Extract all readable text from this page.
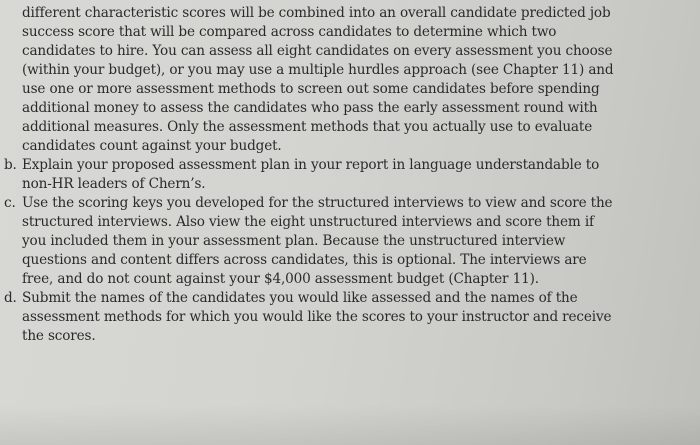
different characteristic scores will be combined into an overall candidate predicted job
success score that will be compared across candidates to determine which two
candidates to hire. You can assess all eight candidates on every assessment you choose
(within your budget), or you may use a multiple hurdles approach (see Chapter 11) and
use one or more assessment methods to screen out some candidates before spending
additional money to assess the candidates who pass the early assessment round with
additional measures. Only the assessment methods that you actually use to evaluate
candidates count against your budget.
b. Explain your proposed assessment plan in your report in language understandable to
non-HR leaders of Chern’s.
c. Use the scoring keys you developed for the structured interviews to view and score the
structured interviews. Also view the eight unstructured interviews and score them if
you included them in your assessment plan. Because the unstructured interview
questions and content differs across candidates, this is optional. The interviews are
free, and do not count against your $4,000 assessment budget (Chapter 11).
d. Submit the names of the candidates you would like assessed and the names of the
assessment methods for which you would like the scores to your instructor and receive
the scores.
